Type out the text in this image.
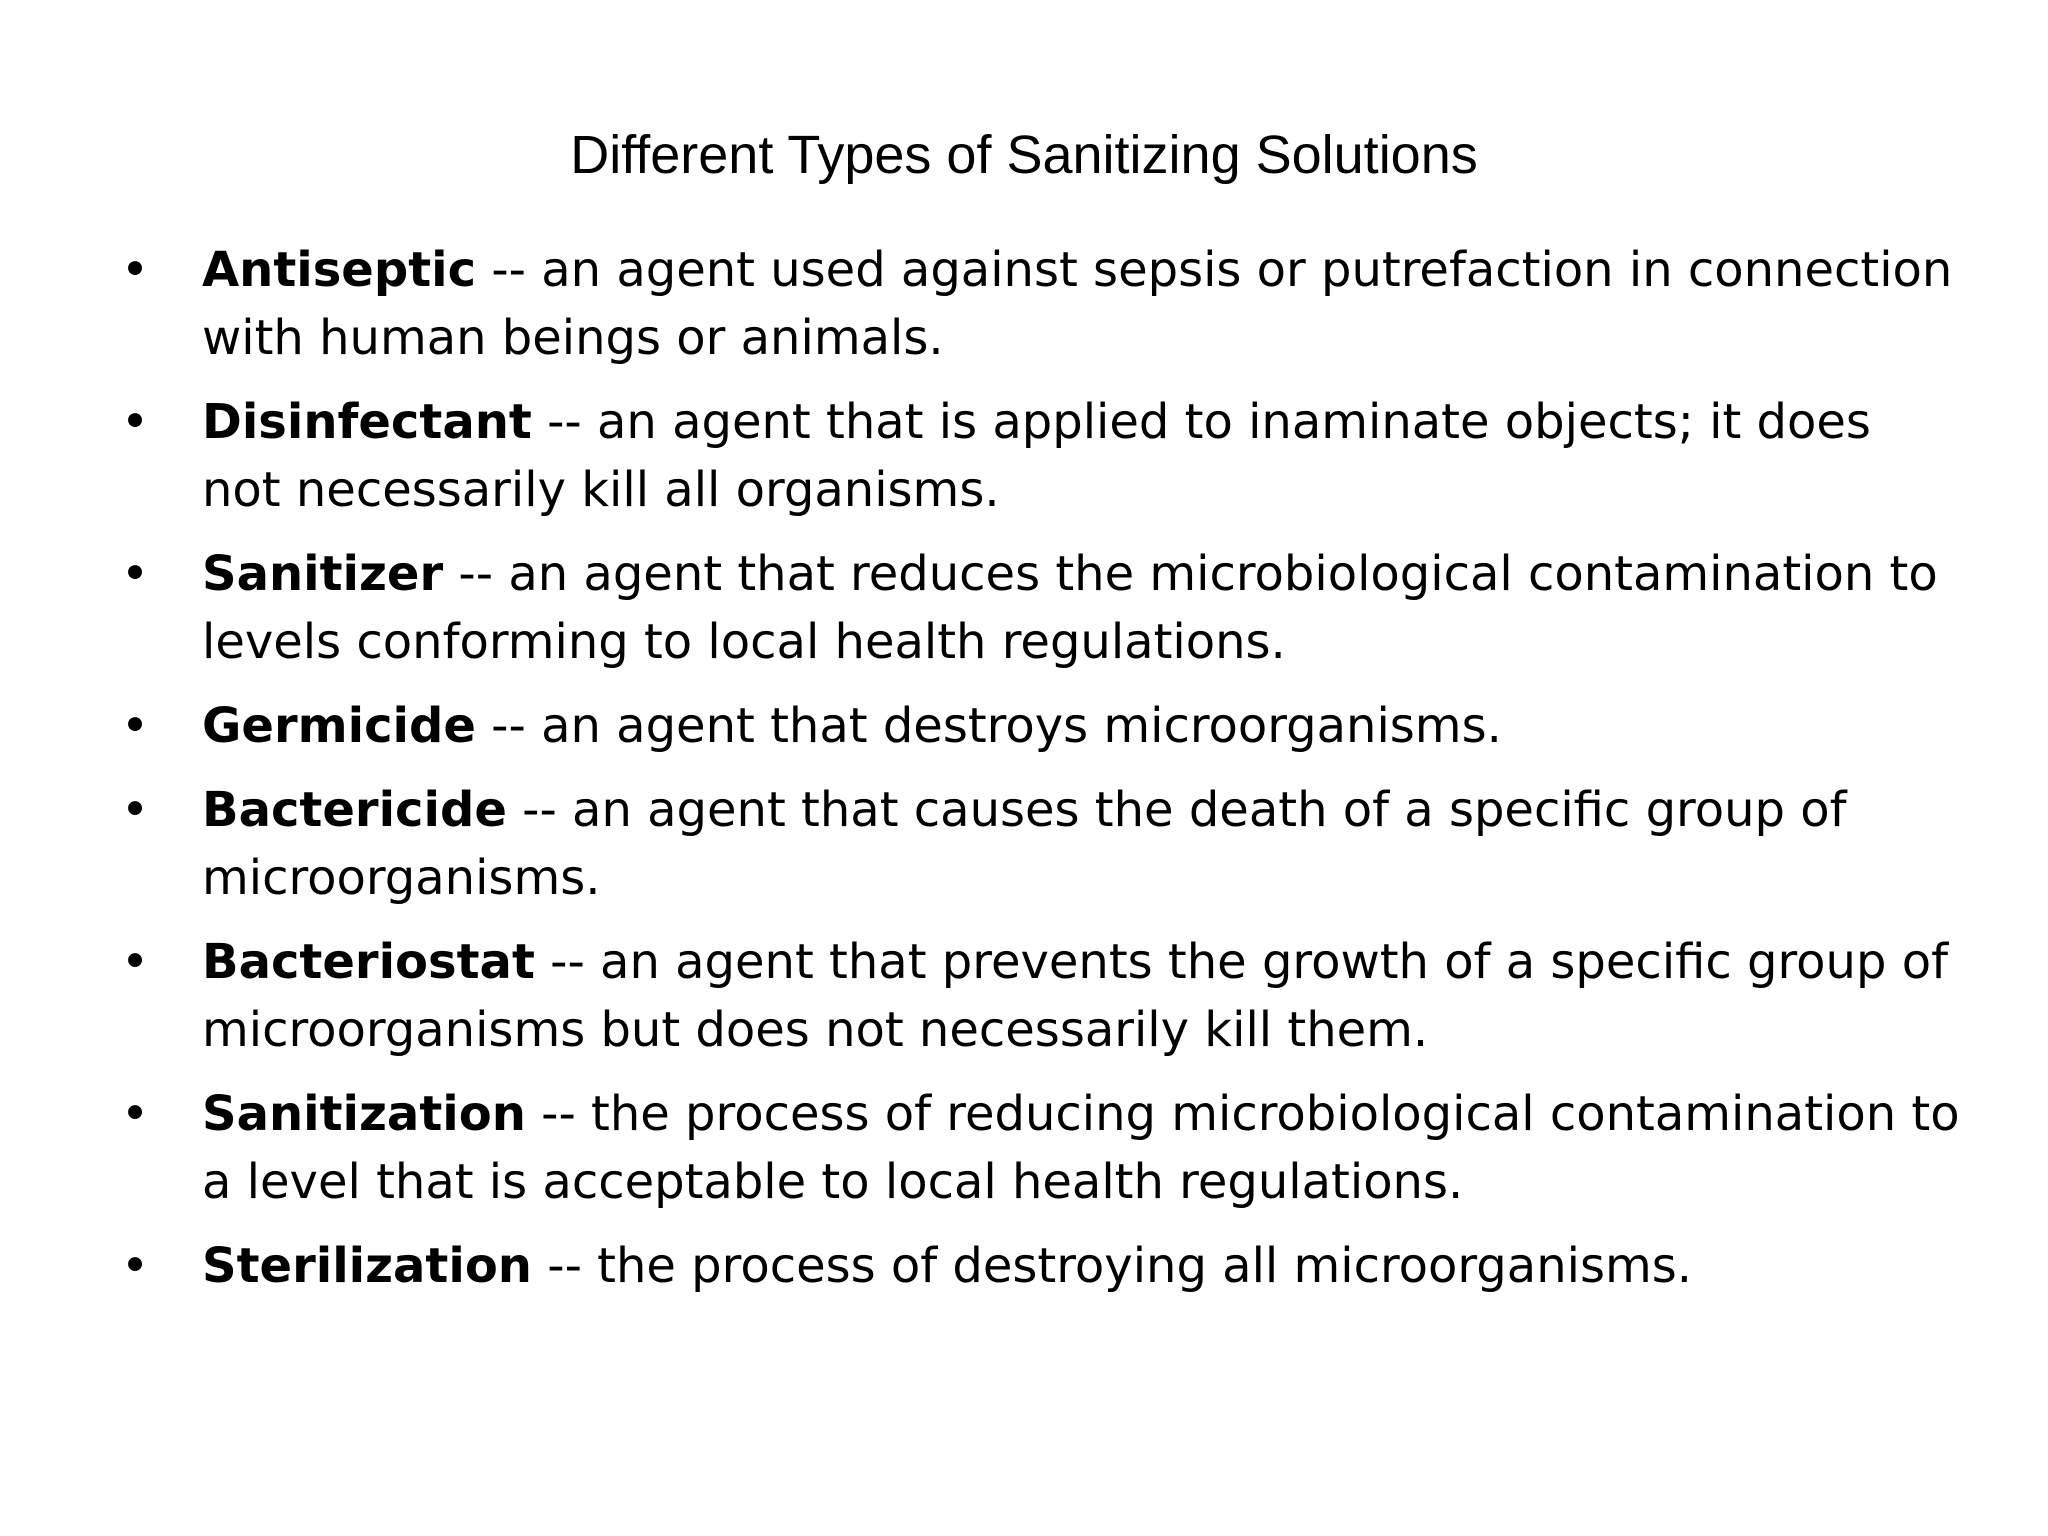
Different Types of Sanitizing Solutions
• Antiseptic -- an agent used against sepsis or putrefaction in connection with human beings or animals.
• Disinfectant -- an agent that is applied to inaminate objects; it does not necessarily kill all organisms.
• Sanitizer -- an agent that reduces the microbiological contamination to levels conforming to local health regulations.
• Germicide -- an agent that destroys microorganisms.
• Bactericide -- an agent that causes the death of a specific group of microorganisms.
• Bacteriostat -- an agent that prevents the growth of a specific group of microorganisms but does not necessarily kill them.
• Sanitization -- the process of reducing microbiological contamination to a level that is acceptable to local health regulations.
• Sterilization -- the process of destroying all microorganisms.
